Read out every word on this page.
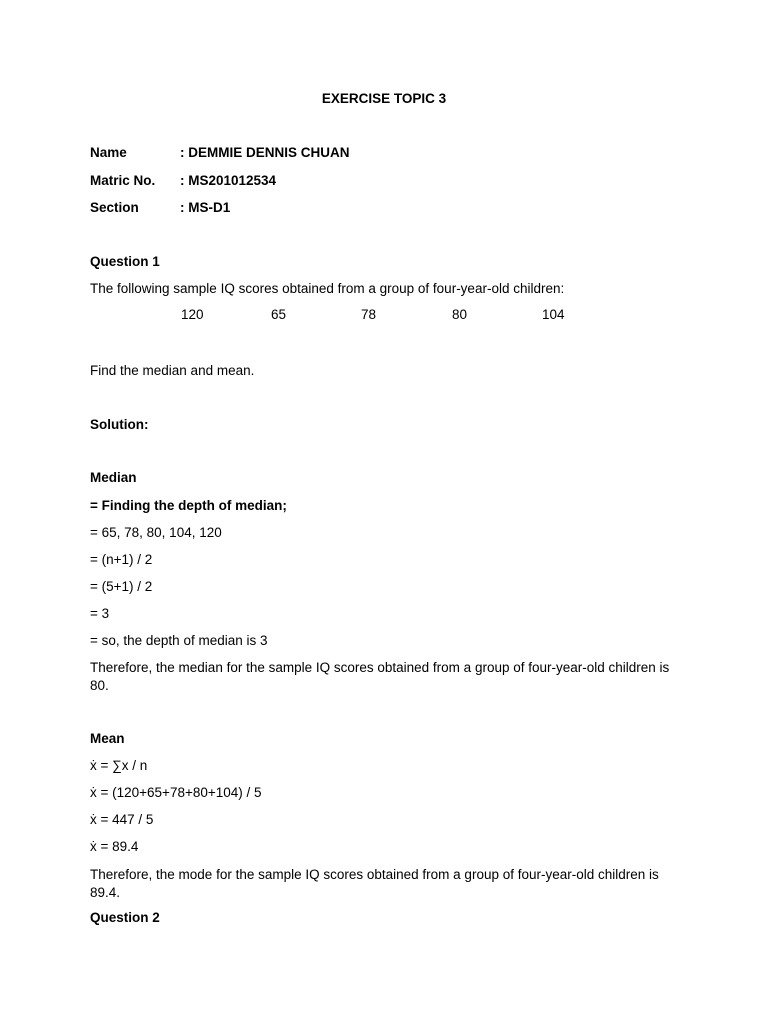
EXERCISE TOPIC 3
Name	: DEMMIE DENNIS CHUAN
Matric No. : MS201012534
Section	: MS-D1
Question 1
The following sample IQ scores obtained from a group of four-year-old children:
120	65	78	80	104
Find the median and mean.
Solution:
Median
= Finding the depth of median;
= 65, 78, 80, 104, 120
= (n+1) / 2
= (5+1) / 2
= 3
= so, the depth of median is 3
Therefore, the median for the sample IQ scores obtained from a group of four-year-old children is 80.
Mean
ẋ = ∑x / n
ẋ = (120+65+78+80+104) / 5
ẋ = 447 / 5
ẋ = 89.4
Therefore, the mode for the sample IQ scores obtained from a group of four-year-old children is 89.4.
Question 2
